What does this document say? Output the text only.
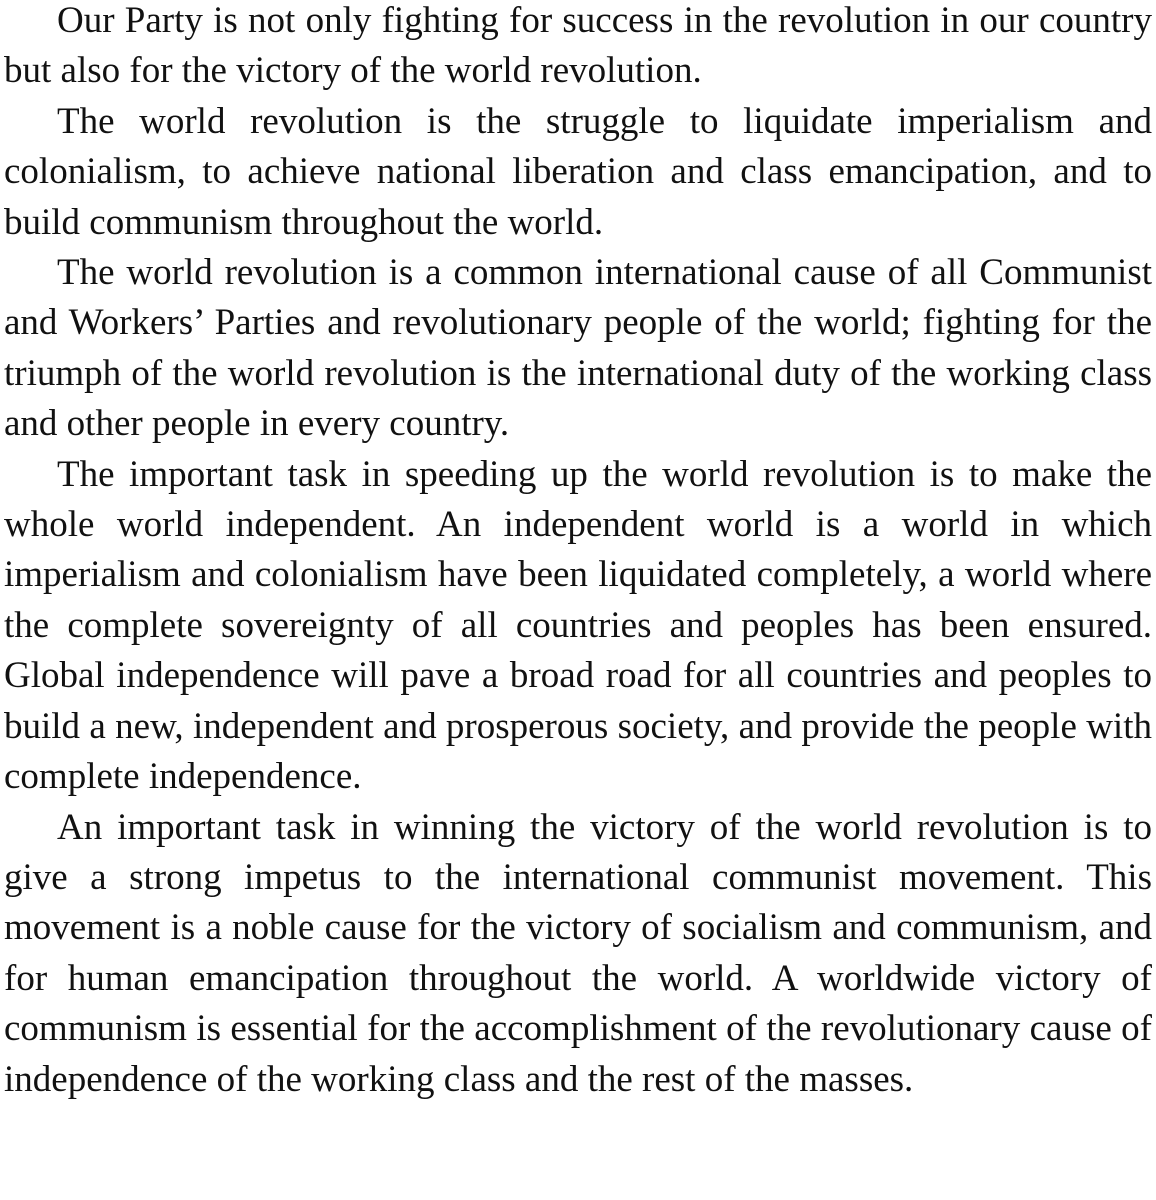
Our Party is not only fighting for success in the revolution in our country but also for the victory of the world revolution.

The world revolution is the struggle to liquidate imperialism and colonialism, to achieve national liberation and class emancipation, and to build communism throughout the world.

The world revolution is a common international cause of all Communist and Workers’ Parties and revolutionary people of the world; fighting for the triumph of the world revolution is the international duty of the working class and other people in every country.

The important task in speeding up the world revolution is to make the whole world independent. An independent world is a world in which imperialism and colonialism have been liquidated completely, a world where the complete sovereignty of all countries and peoples has been ensured. Global independence will pave a broad road for all countries and peoples to build a new, independent and prosperous society, and provide the people with complete independence.

An important task in winning the victory of the world revolution is to give a strong impetus to the international communist movement. This movement is a noble cause for the victory of socialism and communism, and for human emancipation throughout the world. A worldwide victory of communism is essential for the accomplishment of the revolutionary cause of independence of the working class and the rest of the masses.
